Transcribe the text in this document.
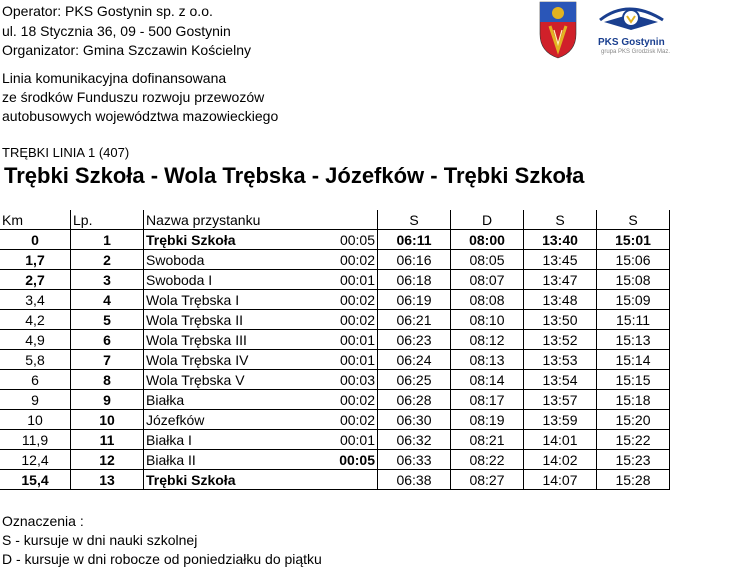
Operator: PKS Gostynin sp. z o.o.
ul. 18 Stycznia 36, 09 - 500 Gostynin
Organizator: Gmina Szczawin Kościelny
Linia komunikacyjna dofinansowana
ze środków Funduszu rozwoju przewozów
autobusowych województwa mazowieckiego
TRĘBKI LINIA 1 (407)
Trębki Szkoła - Wola Trębska - Józefków - Trębki Szkoła
PKS Gostynin
grupa PKS Grodzisk Maz.
Km	Lp.	Nazwa przystanku		S	D	S	S
0	1	Trębki Szkoła	00:05	06:11	08:00	13:40	15:01
1,7	2	Swoboda	00:02	06:16	08:05	13:45	15:06
2,7	3	Swoboda I	00:01	06:18	08:07	13:47	15:08
3,4	4	Wola Trębska I	00:02	06:19	08:08	13:48	15:09
4,2	5	Wola Trębska II	00:02	06:21	08:10	13:50	15:11
4,9	6	Wola Trębska III	00:01	06:23	08:12	13:52	15:13
5,8	7	Wola Trębska IV	00:01	06:24	08:13	13:53	15:14
6	8	Wola Trębska V	00:03	06:25	08:14	13:54	15:15
9	9	Białka	00:02	06:28	08:17	13:57	15:18
10	10	Józefków	00:02	06:30	08:19	13:59	15:20
11,9	11	Białka I	00:01	06:32	08:21	14:01	15:22
12,4	12	Białka II	00:05	06:33	08:22	14:02	15:23
15,4	13	Trębki Szkoła		06:38	08:27	14:07	15:28
Oznaczenia :
S - kursuje w dni nauki szkolnej
D - kursuje w dni robocze od poniedziałku do piątku
